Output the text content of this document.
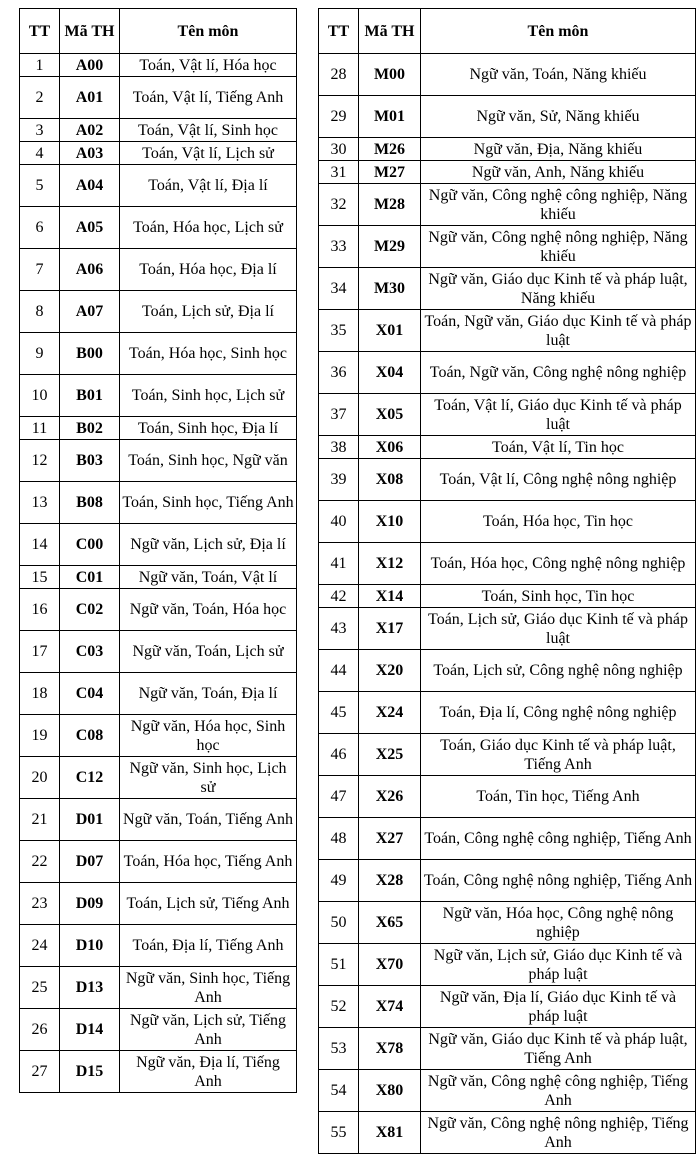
TT	Mã TH	Tên môn
1	A00	Toán, Vật lí, Hóa học
2	A01	Toán, Vật lí, Tiếng Anh
3	A02	Toán, Vật lí, Sinh học
4	A03	Toán, Vật lí, Lịch sử
5	A04	Toán, Vật lí, Địa lí
6	A05	Toán, Hóa học, Lịch sử
7	A06	Toán, Hóa học, Địa lí
8	A07	Toán, Lịch sử, Địa lí
9	B00	Toán, Hóa học, Sinh học
10	B01	Toán, Sinh học, Lịch sử
11	B02	Toán, Sinh học, Địa lí
12	B03	Toán, Sinh học, Ngữ văn
13	B08	Toán, Sinh học, Tiếng Anh
14	C00	Ngữ văn, Lịch sử, Địa lí
15	C01	Ngữ văn, Toán, Vật lí
16	C02	Ngữ văn, Toán, Hóa học
17	C03	Ngữ văn, Toán, Lịch sử
18	C04	Ngữ văn, Toán, Địa lí
19	C08	Ngữ văn, Hóa học, Sinh học
20	C12	Ngữ văn, Sinh học, Lịch sử
21	D01	Ngữ văn, Toán, Tiếng Anh
22	D07	Toán, Hóa học, Tiếng Anh
23	D09	Toán, Lịch sử, Tiếng Anh
24	D10	Toán, Địa lí, Tiếng Anh
25	D13	Ngữ văn, Sinh học, Tiếng Anh
26	D14	Ngữ văn, Lịch sử, Tiếng Anh
27	D15	Ngữ văn, Địa lí, Tiếng Anh
TT	Mã TH	Tên môn
28	M00	Ngữ văn, Toán, Năng khiếu
29	M01	Ngữ văn, Sử, Năng khiếu
30	M26	Ngữ văn, Địa, Năng khiếu
31	M27	Ngữ văn, Anh, Năng khiếu
32	M28	Ngữ văn, Công nghệ công nghiệp, Năng khiếu
33	M29	Ngữ văn, Công nghệ nông nghiệp, Năng khiếu
34	M30	Ngữ văn, Giáo dục Kinh tế và pháp luật, Năng khiếu
35	X01	Toán, Ngữ văn, Giáo dục Kinh tế và pháp luật
36	X04	Toán, Ngữ văn, Công nghệ nông nghiệp
37	X05	Toán, Vật lí, Giáo dục Kinh tế và pháp luật
38	X06	Toán, Vật lí, Tin học
39	X08	Toán, Vật lí, Công nghệ nông nghiệp
40	X10	Toán, Hóa học, Tin học
41	X12	Toán, Hóa học, Công nghệ nông nghiệp
42	X14	Toán, Sinh học, Tin học
43	X17	Toán, Lịch sử, Giáo dục Kinh tế và pháp luật
44	X20	Toán, Lịch sử, Công nghệ nông nghiệp
45	X24	Toán, Địa lí, Công nghệ nông nghiệp
46	X25	Toán, Giáo dục Kinh tế và pháp luật, Tiếng Anh
47	X26	Toán, Tin học, Tiếng Anh
48	X27	Toán, Công nghệ công nghiệp, Tiếng Anh
49	X28	Toán, Công nghệ nông nghiệp, Tiếng Anh
50	X65	Ngữ văn, Hóa học, Công nghệ nông nghiệp
51	X70	Ngữ văn, Lịch sử, Giáo dục Kinh tế và pháp luật
52	X74	Ngữ văn, Địa lí, Giáo dục Kinh tế và pháp luật
53	X78	Ngữ văn, Giáo dục Kinh tế và pháp luật, Tiếng Anh
54	X80	Ngữ văn, Công nghệ công nghiệp, Tiếng Anh
55	X81	Ngữ văn, Công nghệ nông nghiệp, Tiếng Anh
